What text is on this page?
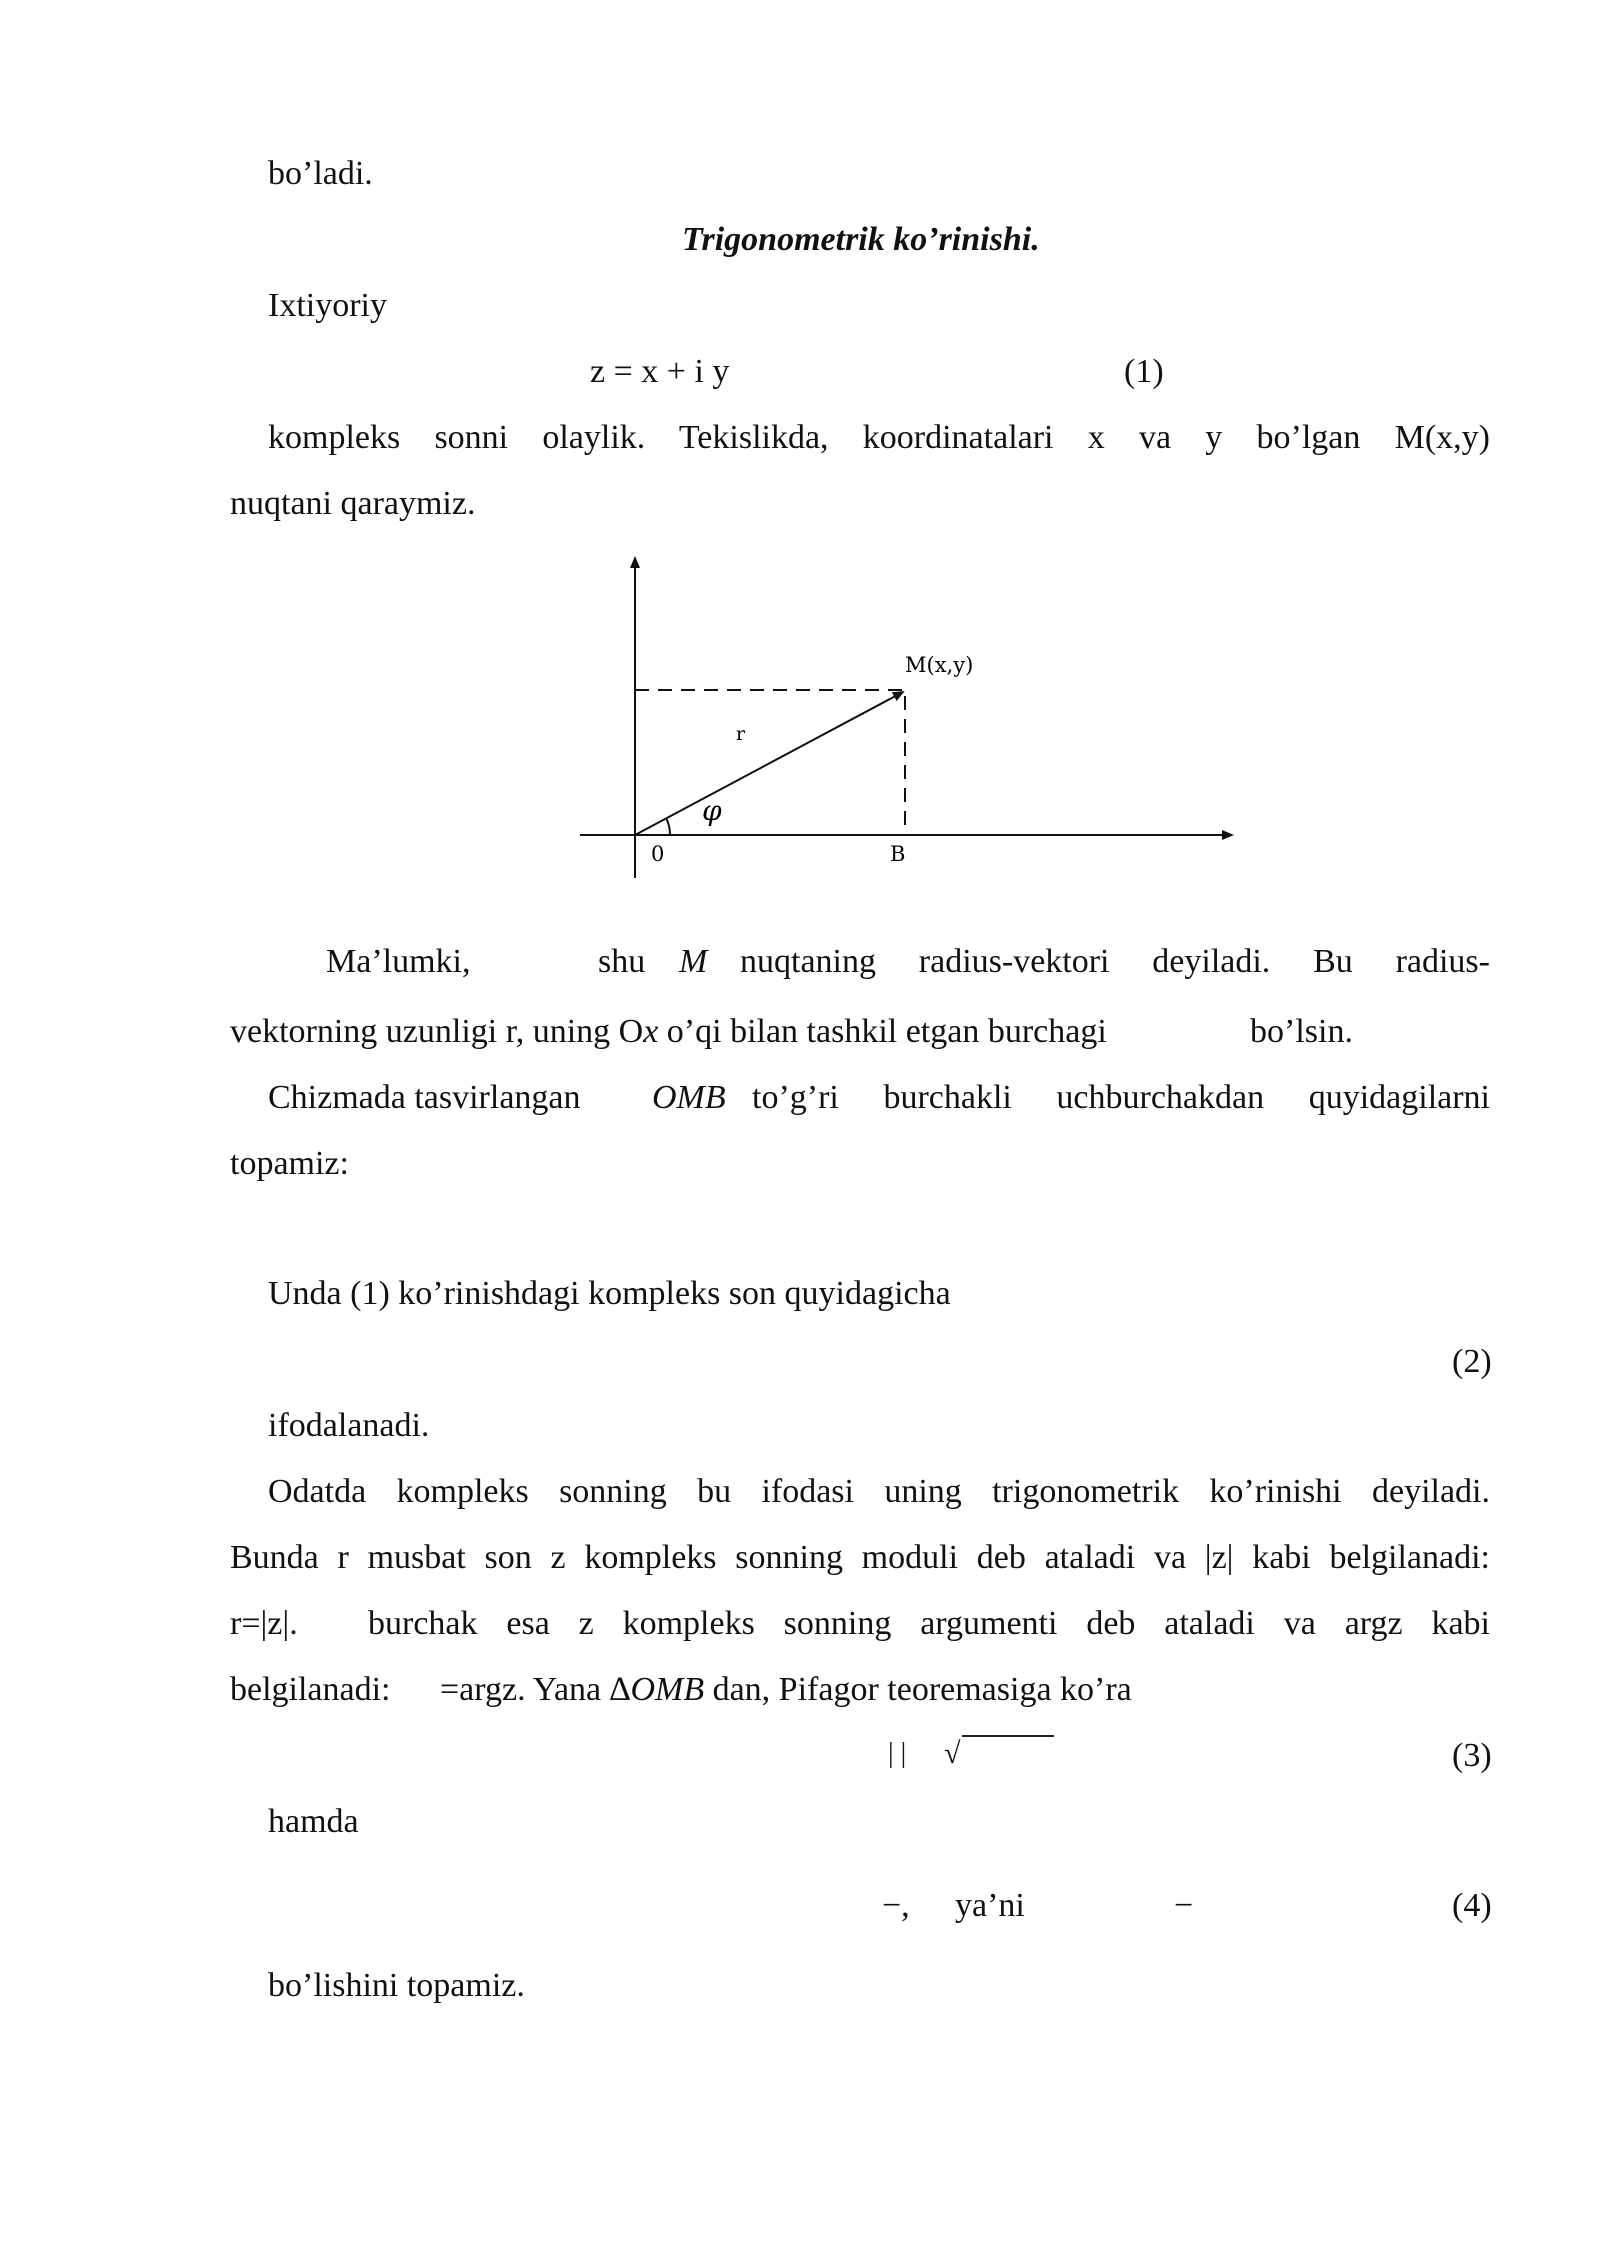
bo’ladi.
Trigonometrik ko’rinishi.
Ixtiyoriy
z = x + i y	(1)
kompleks sonni olaylik. Tekislikda, koordinatalari x va y bo’lgan M(x,y)
nuqtani qaraymiz.
M(x,y)
r
φ
0	B
Ma’lumki,	shu M nuqtaning radius-vektori deyiladi. Bu radius-
vektorning uzunligi r, uning Ox o’qi bilan tashkil etgan burchagi	bo’lsin.
Chizmada tasvirlangan OMB to’g’ri burchakli uchburchakdan quyidagilarni
topamiz:
Unda (1) ko’rinishdagi kompleks son quyidagicha
(2)
ifodalanadi.
Odatda kompleks sonning bu ifodasi uning trigonometrik ko’rinishi deyiladi.
Bunda r musbat son z kompleks sonning moduli deb ataladi va |z| kabi belgilanadi:
r=|z|. burchak esa z kompleks sonning argumenti deb ataladi va argz kabi
belgilanadi: =argz. Yana ∆OMB dan, Pifagor teoremasiga ko’ra
| | √	(3)
hamda
−, ya’ni	−	(4)
bo’lishini topamiz.
